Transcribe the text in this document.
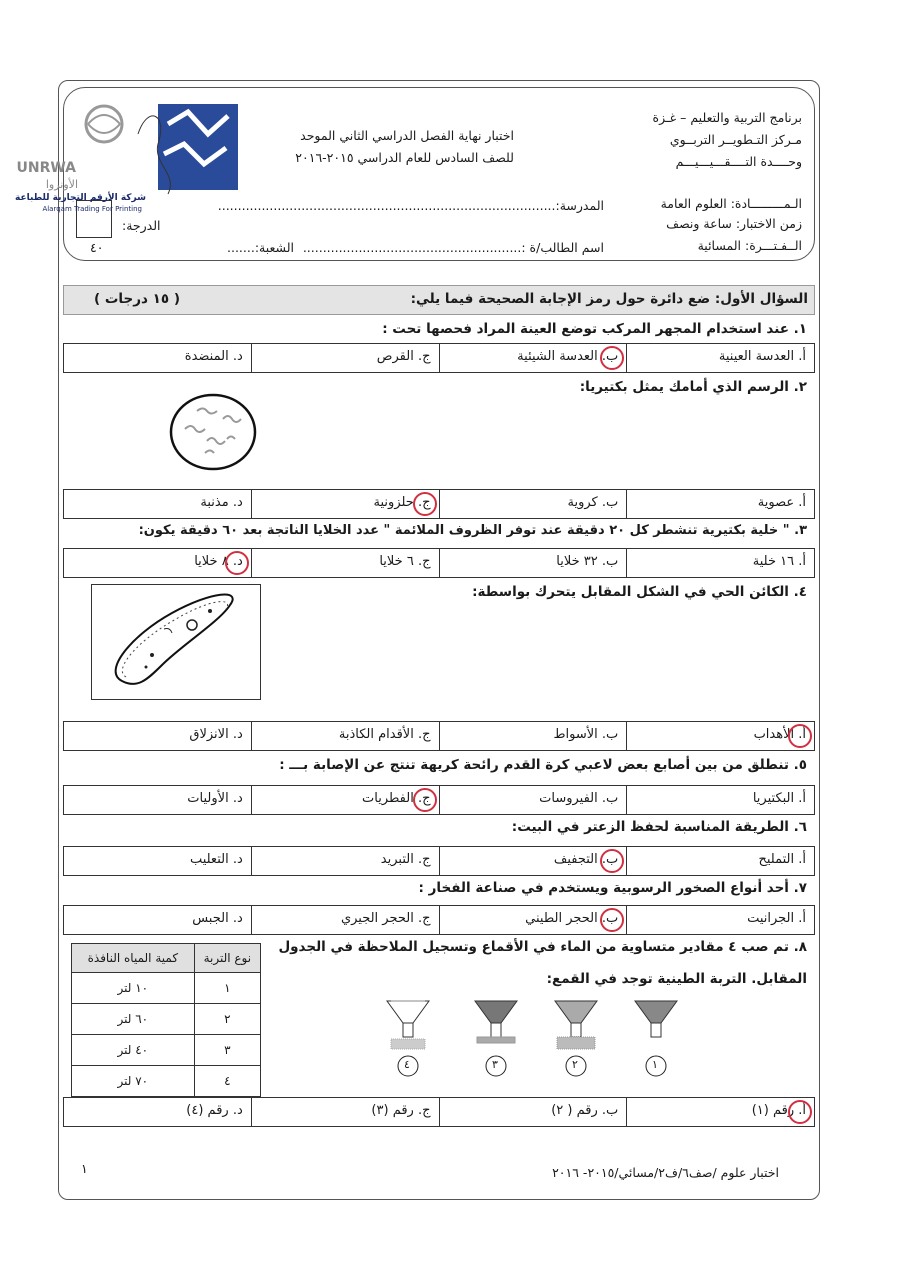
برنامج التربية والتعليم – غـزة
مـركز التـطويــر التربــوي
وحــــدة التــــقـــيـــيـــم
اختبار نهاية الفصل الدراسي الثاني الموحد
للصف السادس للعام الدراسي ٢٠١٥-٢٠١٦
الـمـــــــــادة: العلوم العامة
زمن الاختبار: ساعة ونصف
الــفـتـــرة: المسائية
المدرسة:.....................................................................................
اسم الطالب/ة :.......................................................
الشعبة:.......
الدرجة:
٤٠
UNRWA
الأونروا
شركة الأرقم التجارية للطباعة
Alarqam Trading For Printing
السؤال الأول: ضع دائرة حول رمز الإجابة الصحيحة فيما يلي:
( ١٥ درجات )
١. عند استخدام المجهر المركب توضع العينة المراد فحصها تحت :
أ. العدسة العينية
ب. العدسة الشيئية
ج. القرص
د. المنضدة
٢. الرسم الذي أمامك يمثل بكتيريا:
أ. عصوية
ب. كروية
ج. حلزونية
د. مذنبة
٣. " خلية بكتيرية تنشطر كل ٢٠ دقيقة عند توفر الظروف الملائمة " عدد الخلايا الناتجة بعد ٦٠ دقيقة يكون:
أ. ١٦ خلية
ب. ٣٢ خلايا
ج. ٦ خلايا
د. ٨ خلايا
٤. الكائن الحي في الشكل المقابل يتحرك بواسطة:
أ. الأهداب
ب. الأسواط
ج. الأقدام الكاذبة
د. الانزلاق
٥. تنطلق من بين أصابع بعض لاعبي كرة القدم رائحة كريهة تنتج عن الإصابة بـــ :
أ. البكتيريا
ب. الفيروسات
ج. الفطريات
د. الأوليات
٦. الطريقة المناسبة لحفظ الزعتر في البيت:
أ. التمليح
ب. التجفيف
ج. التبريد
د. التعليب
٧. أحد أنواع الصخور الرسوبية ويستخدم في صناعة الفخار :
أ. الجرانيت
ب. الحجر الطيني
ج. الحجر الجيري
د. الجبس
٨. تم صب ٤ مقادير متساوية من الماء في الأقماع وتسجيل الملاحظة في الجدول
المقابل. التربة الطينية توجد في القمع:
نوع التربة	كمية المياه النافذة
١	١٠ لتر
٢	٦٠ لتر
٣	٤٠ لتر
٤	٧٠ لتر
٤	٣	٢	١
أ. رقم (١)
ب. رقم ( ٢)
ج. رقم (٣)
د. رقم (٤)
اختبار علوم /صف٦/ف٢/مسائي/٢٠١٥- ٢٠١٦
١
